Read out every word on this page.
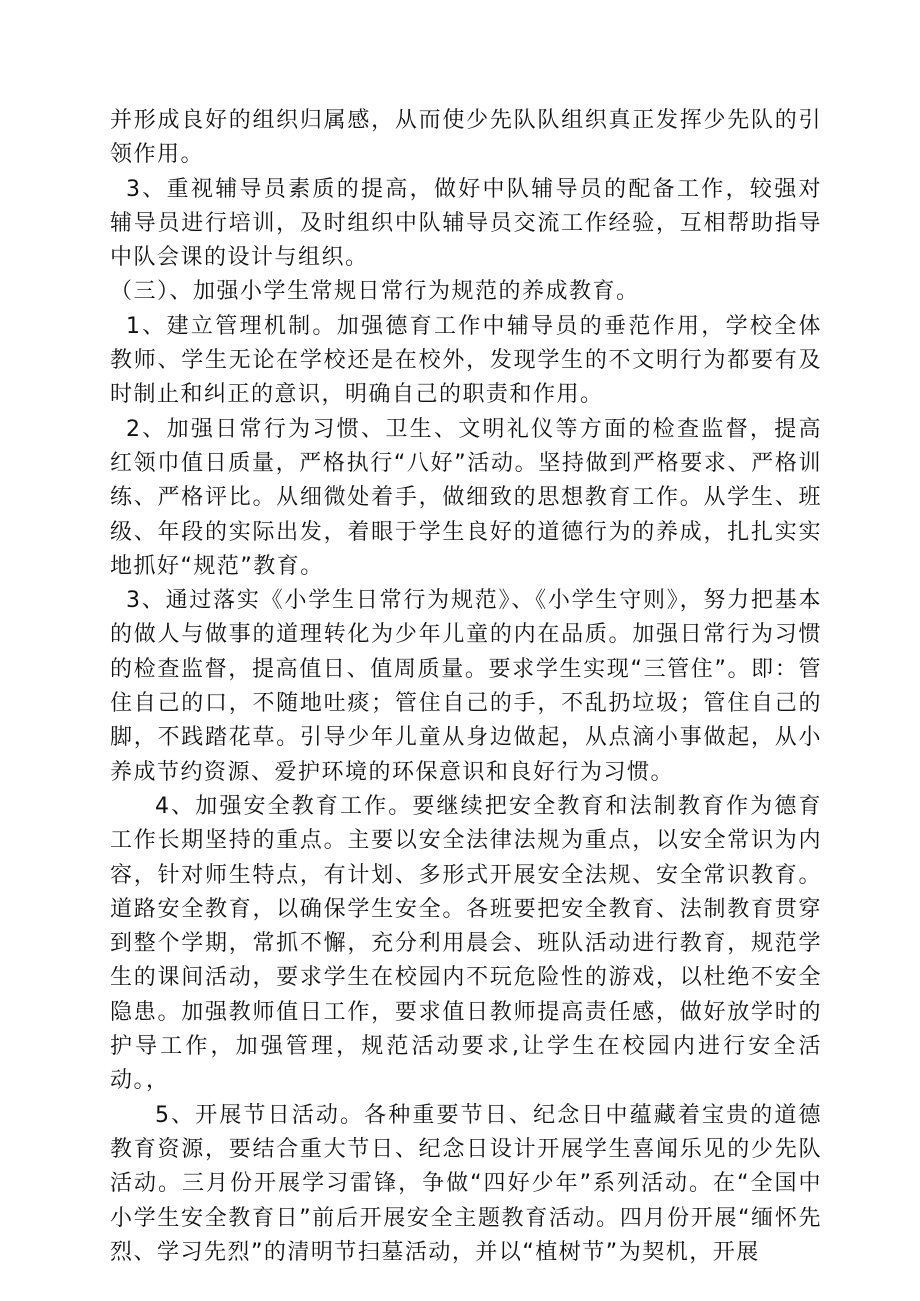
并形成良好的组织归属感，从而使少先队队组织真正发挥少先队的引领作用。

3、重视辅导员素质的提高，做好中队辅导员的配备工作，较强对辅导员进行培训，及时组织中队辅导员交流工作经验，互相帮助指导中队会课的设计与组织。

（三）、加强小学生常规日常行为规范的养成教育。

1、建立管理机制。加强德育工作中辅导员的垂范作用，学校全体教师、学生无论在学校还是在校外，发现学生的不文明行为都要有及时制止和纠正的意识，明确自己的职责和作用。

2、加强日常行为习惯、卫生、文明礼仪等方面的检查监督，提高红领巾值日质量，严格执行“八好”活动。坚持做到严格要求、严格训练、严格评比。从细微处着手，做细致的思想教育工作。从学生、班级、年段的实际出发，着眼于学生良好的道德行为的养成，扎扎实实地抓好“规范”教育。

3、通过落实《小学生日常行为规范》、《小学生守则》，努力把基本的做人与做事的道理转化为少年儿童的内在品质。加强日常行为习惯的检查监督，提高值日、值周质量。要求学生实现“三管住”。即：管住自己的口，不随地吐痰；管住自己的手，不乱扔垃圾；管住自己的脚，不践踏花草。引导少年儿童从身边做起，从点滴小事做起，从小养成节约资源、爱护环境的环保意识和良好行为习惯。

4、加强安全教育工作。要继续把安全教育和法制教育作为德育工作长期坚持的重点。主要以安全法律法规为重点，以安全常识为内容，针对师生特点，有计划、多形式开展安全法规、安全常识教育。道路安全教育，以确保学生安全。各班要把安全教育、法制教育贯穿到整个学期，常抓不懈，充分利用晨会、班队活动进行教育，规范学生的课间活动，要求学生在校园内不玩危险性的游戏，以杜绝不安全隐患。加强教师值日工作，要求值日教师提高责任感，做好放学时的护导工作，加强管理，规范活动要求,让学生在校园内进行安全活动。，

5、开展节日活动。各种重要节日、纪念日中蕴藏着宝贵的道德教育资源，要结合重大节日、纪念日设计开展学生喜闻乐见的少先队活动。三月份开展学习雷锋，争做“四好少年”系列活动。在“全国中小学生安全教育日”前后开展安全主题教育活动。四月份开展“缅怀先烈、学习先烈”的清明节扫墓活动，并以“植树节”为契机，开展
